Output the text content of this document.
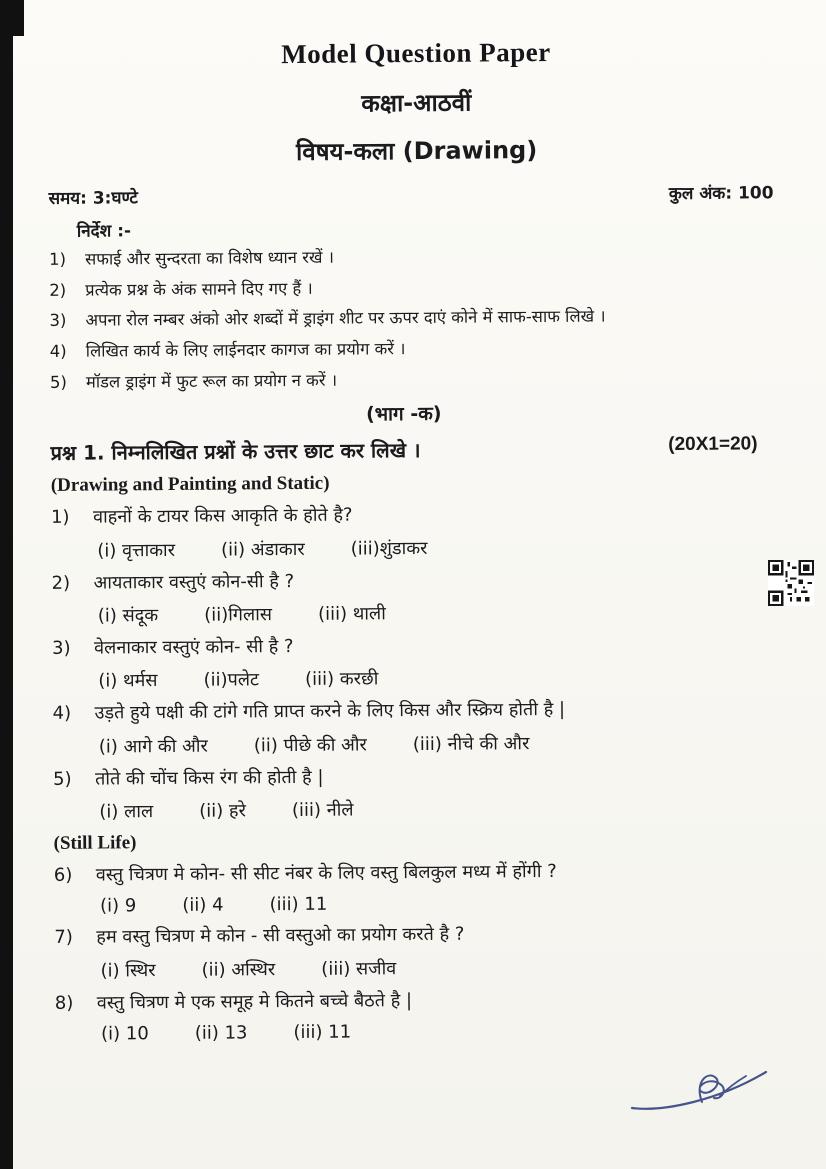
Model Question Paper
कक्षा-आठवीं
विषय-कला (Drawing)
समय: 3:घण्टे	कुल अंक: 100
निर्देश :-
1)	सफाई और सुन्दरता का विशेष ध्यान रखें ।
2)	प्रत्येक प्रश्न के अंक सामने दिए गए हैं ।
3)	अपना रोल नम्बर अंको ओर शब्दों में ड्राइंग शीट पर ऊपर दाएं कोने में साफ-साफ लिखे ।
4)	लिखित कार्य के लिए लाईनदार कागज का प्रयोग करें ।
5)	मॉडल ड्राइंग में फुट रूल का प्रयोग न करें ।
(भाग -क)
प्रश्न 1. निम्नलिखित प्रश्नों के उत्तर छाट कर लिखे ।	(20X1=20)
(Drawing and Painting and Static)
1)	वाहनों के टायर किस आकृति के होते है?
(i) वृत्ताकार	(ii) अंडाकार	(iii)शुंडाकर
2)	आयताकार वस्तुएं कोन-सी है ?
(i) संदूक	(ii)गिलास	(iii) थाली
3)	वेलनाकार वस्तुएं कोन- सी है ?
(i) थर्मस	(ii)पलेट	(iii) करछी
4)	उड़ते हुये पक्षी की टांगे गति प्राप्त करने के लिए किस और स्क्रिय होती है |
(i) आगे की और	(ii) पीछे की और	(iii) नीचे की और
5)	तोते की चोंच किस रंग की होती है |
(i) लाल	(ii) हरे	(iii) नीले
(Still Life)
6)	वस्तु चित्रण मे कोन- सी सीट नंबर के लिए वस्तु बिलकुल मध्य में होंगी ?
(i) 9	(ii) 4	(iii) 11
7)	हम वस्तु चित्रण मे कोन - सी वस्तुओ का प्रयोग करते है ?
(i) स्थिर	(ii) अस्थिर	(iii) सजीव
8)	वस्तु चित्रण मे एक समूह मे कितने बच्चे बैठते है |
(i) 10	(ii) 13	(iii) 11
